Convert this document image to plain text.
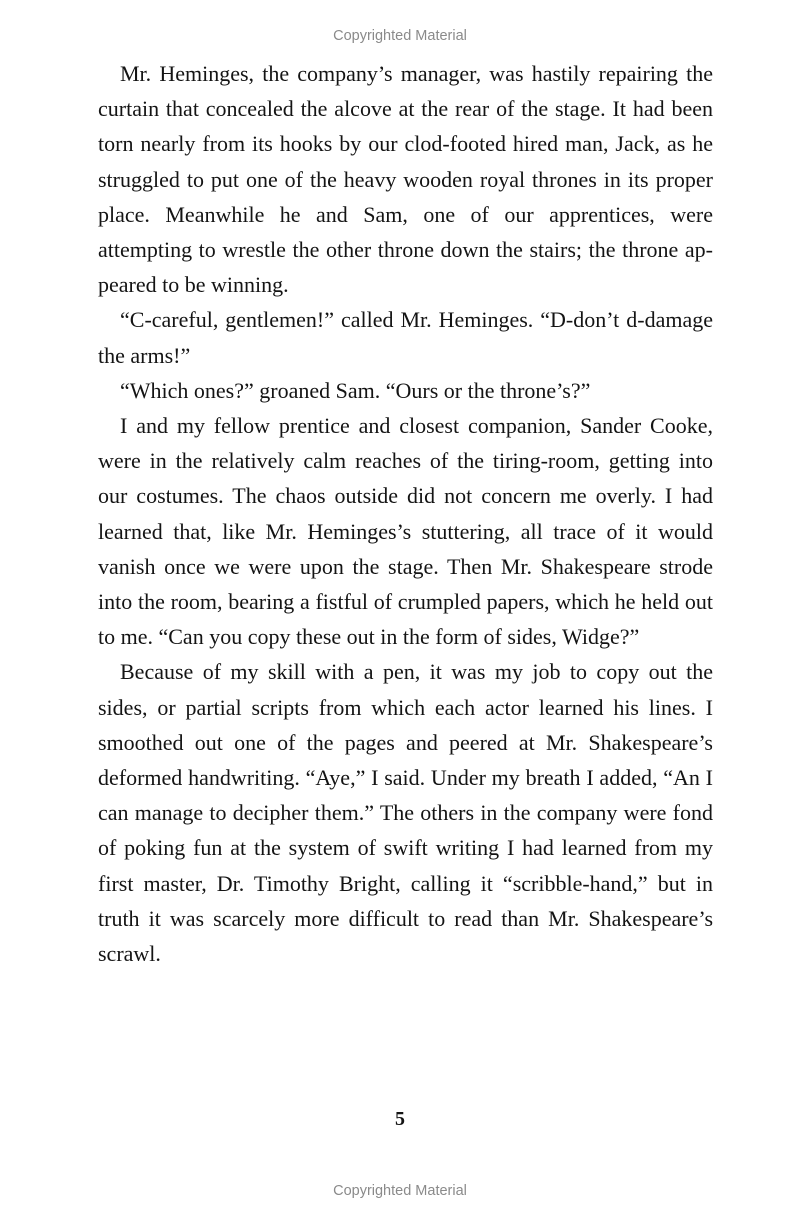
Copyrighted Material

Mr. Heminges, the company’s manager, was hastily repairing the curtain that concealed the alcove at the rear of the stage. It had been torn nearly from its hooks by our clod-footed hired man, Jack, as he struggled to put one of the heavy wooden royal thrones in its proper place. Meanwhile he and Sam, one of our apprentices, were attempting to wrestle the other throne down the stairs; the throne appeared to be winning.

“C-careful, gentlemen!” called Mr. Heminges. “D-don’t d-damage the arms!”

“Which ones?” groaned Sam. “Ours or the throne’s?”

I and my fellow prentice and closest companion, Sander Cooke, were in the relatively calm reaches of the tiring-room, getting into our costumes. The chaos outside did not concern me overly. I had learned that, like Mr. Heminges’s stuttering, all trace of it would vanish once we were upon the stage. Then Mr. Shakespeare strode into the room, bearing a fistful of crumpled papers, which he held out to me. “Can you copy these out in the form of sides, Widge?”

Because of my skill with a pen, it was my job to copy out the sides, or partial scripts from which each actor learned his lines. I smoothed out one of the pages and peered at Mr. Shakespeare’s deformed handwriting. “Aye,” I said. Under my breath I added, “An I can manage to decipher them.” The others in the company were fond of poking fun at the system of swift writing I had learned from my first master, Dr. Timothy Bright, calling it “scribble-hand,” but in truth it was scarcely more difficult to read than Mr. Shakespeare’s scrawl.

5
Copyrighted Material
